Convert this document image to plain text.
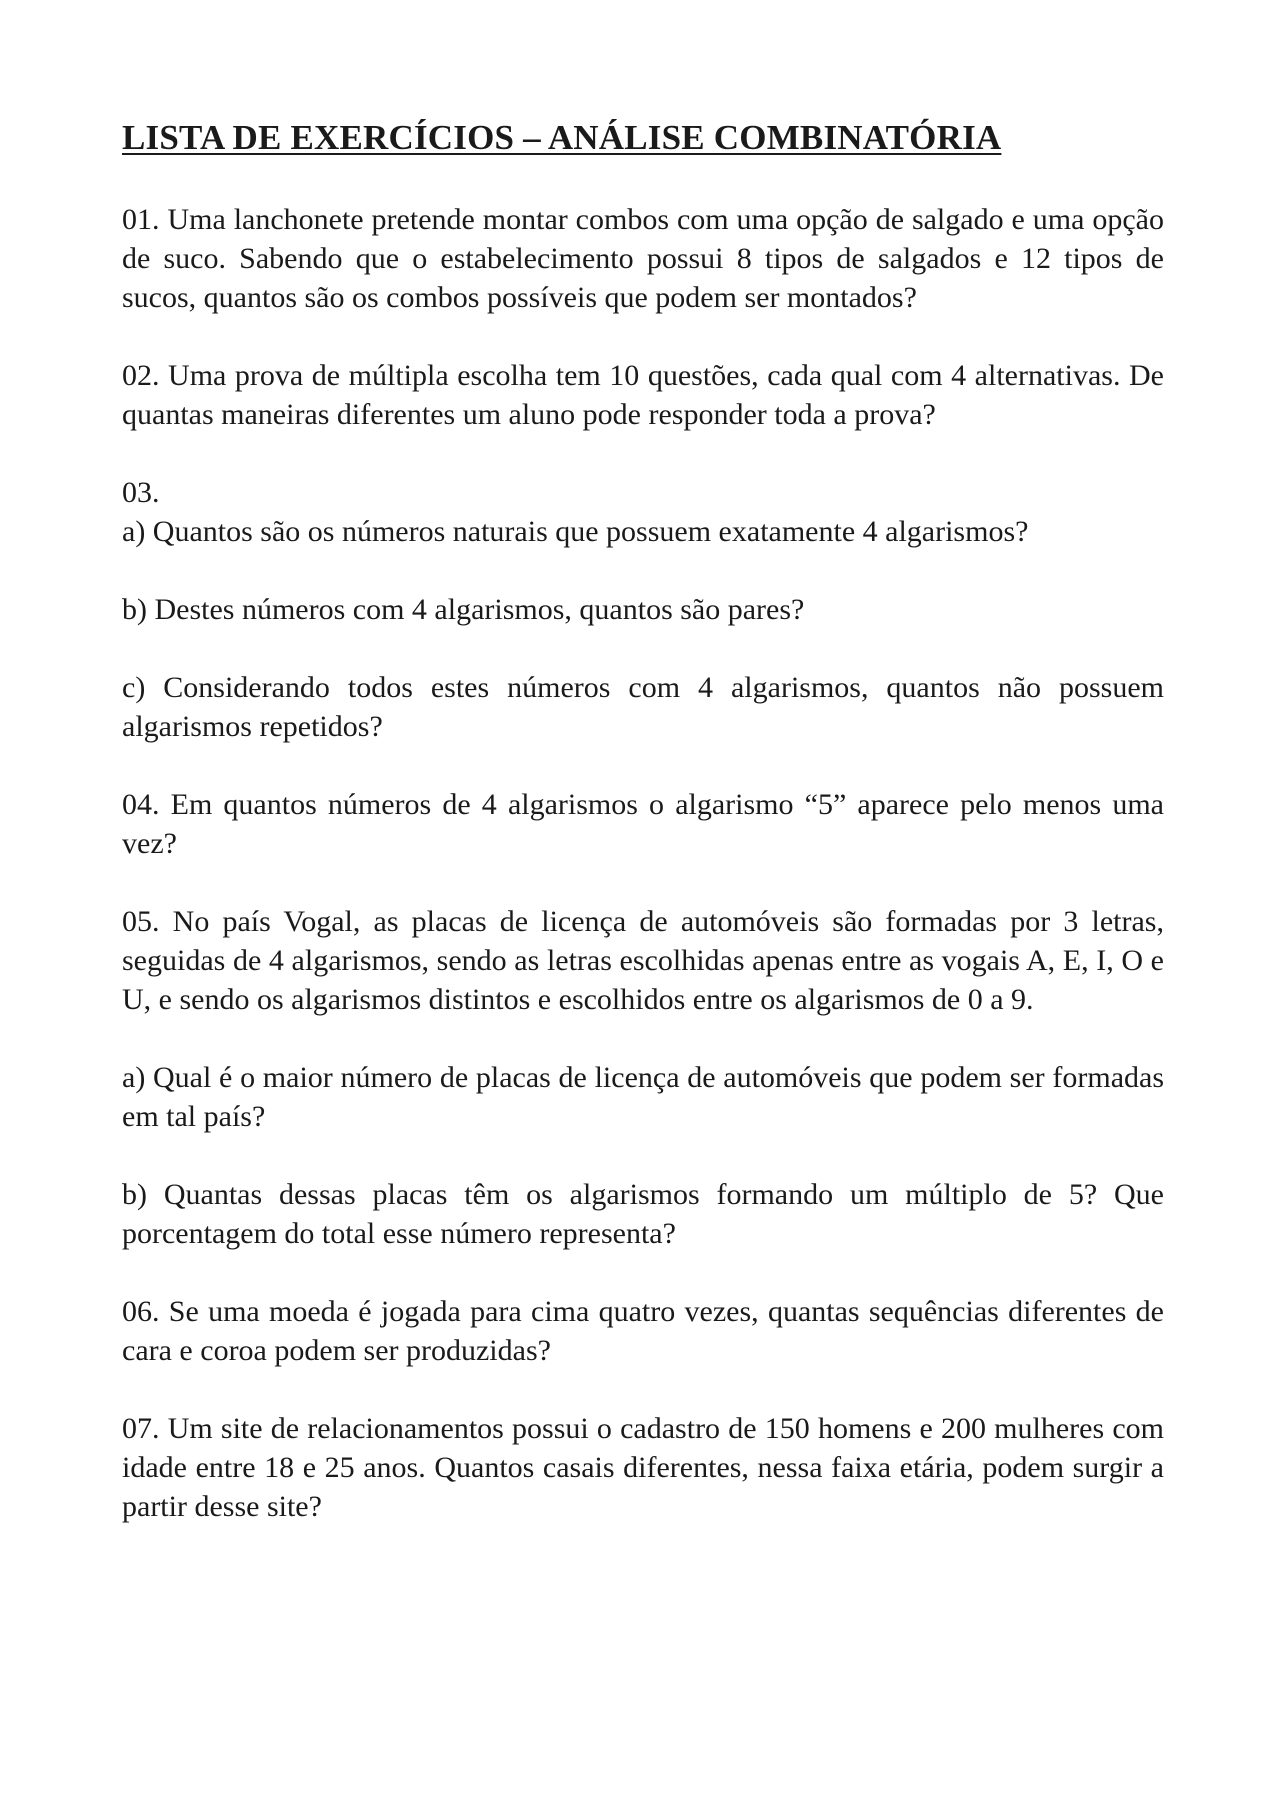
LISTA DE EXERCÍCIOS – ANÁLISE COMBINATÓRIA

01. Uma lanchonete pretende montar combos com uma opção de salgado e uma opção de suco. Sabendo que o estabelecimento possui 8 tipos de salgados e 12 tipos de sucos, quantos são os combos possíveis que podem ser montados?

02. Uma prova de múltipla escolha tem 10 questões, cada qual com 4 alternativas. De quantas maneiras diferentes um aluno pode responder toda a prova?

03.

a) Quantos são os números naturais que possuem exatamente 4 algarismos?

b) Destes números com 4 algarismos, quantos são pares?

c) Considerando todos estes números com 4 algarismos, quantos não possuem algarismos repetidos?

04. Em quantos números de 4 algarismos o algarismo “5” aparece pelo menos uma vez?

05. No país Vogal, as placas de licença de automóveis são formadas por 3 letras, seguidas de 4 algarismos, sendo as letras escolhidas apenas entre as vogais A, E, I, O e U, e sendo os algarismos distintos e escolhidos entre os algarismos de 0 a 9.

a) Qual é o maior número de placas de licença de automóveis que podem ser formadas em tal país?

b) Quantas dessas placas têm os algarismos formando um múltiplo de 5? Que porcentagem do total esse número representa?

06. Se uma moeda é jogada para cima quatro vezes, quantas sequências diferentes de cara e coroa podem ser produzidas?

07. Um site de relacionamentos possui o cadastro de 150 homens e 200 mulheres com idade entre 18 e 25 anos. Quantos casais diferentes, nessa faixa etária, podem surgir a partir desse site?
